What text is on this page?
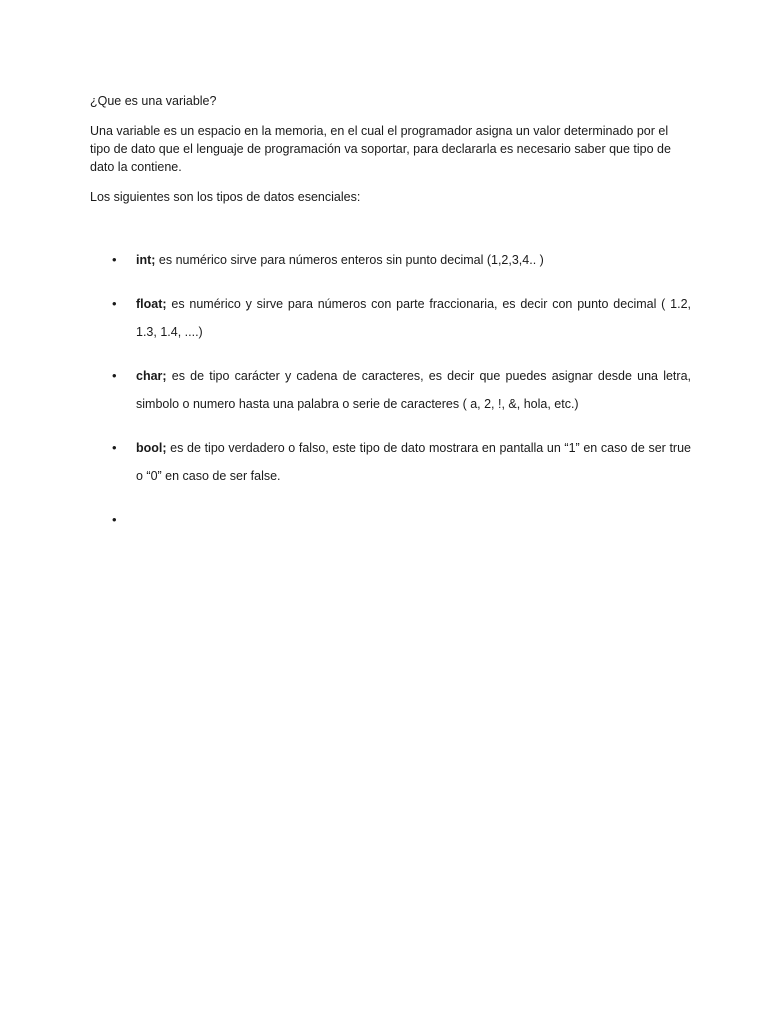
¿Que es una variable?

Una variable es un espacio en la memoria, en el cual el programador asigna un valor determinado por el tipo de dato que el lenguaje de programación va soportar, para declararla es necesario saber que tipo de dato la contiene.

Los siguientes son los tipos de datos esenciales:

• int; es numérico sirve para números enteros sin punto decimal (1,2,3,4.. )
• float; es numérico y sirve para números con parte fraccionaria, es decir con punto decimal ( 1.2, 1.3, 1.4, ....)
• char; es de tipo carácter y cadena de caracteres, es decir que puedes asignar desde una letra, simbolo o numero hasta una palabra o serie de caracteres ( a, 2, !, &, hola, etc.)
• bool; es de tipo verdadero o falso, este tipo de dato mostrara en pantalla un “1” en caso de ser true o “0” en caso de ser false.
•
